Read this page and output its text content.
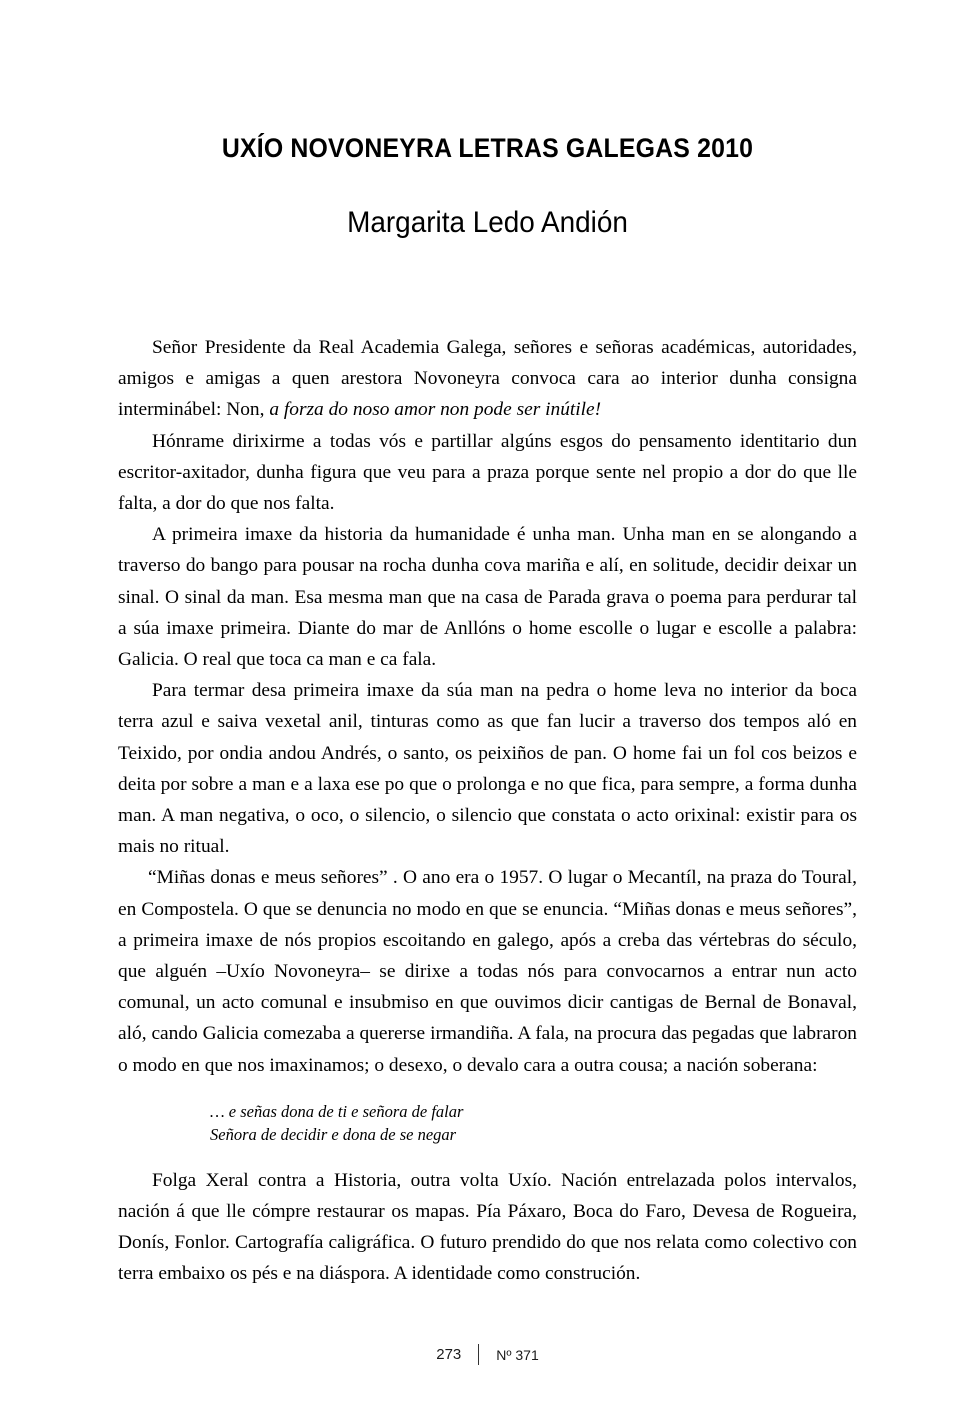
UXÍO NOVONEYRA LETRAS GALEGAS 2010
Margarita Ledo Andión

Señor Presidente da Real Academia Galega, señores e señoras académicas, autoridades, amigos e amigas a quen arestora Novoneyra convoca cara ao interior dunha consigna interminábel: Non, a forza do noso amor non pode ser inútile!

Hónrame dirixirme a todas vós e partillar algúns esgos do pensamento identitario dun escritor-axitador, dunha figura que veu para a praza porque sente nel propio a dor do que lle falta, a dor do que nos falta.

A primeira imaxe da historia da humanidade é unha man. Unha man en se alongando a traverso do bango para pousar na rocha dunha cova mariña e alí, en solitude, decidir deixar un sinal. O sinal da man. Esa mesma man que na casa de Parada grava o poema para perdurar tal a súa imaxe primeira. Diante do mar de Anllóns o home escolle o lugar e escolle a palabra: Galicia. O real que toca ca man e ca fala.

Para termar desa primeira imaxe da súa man na pedra o home leva no interior da boca terra azul e saiva vexetal anil, tinturas como as que fan lucir a traverso dos tempos aló en Teixido, por ondia andou Andrés, o santo, os peixiños de pan. O home fai un fol cos beizos e deita por sobre a man e a laxa ese po que o prolonga e no que fica, para sempre, a forma dunha man. A man negativa, o oco, o silencio, o silencio que constata o acto orixinal: existir para os mais no ritual.

“Miñas donas e meus señores” . O ano era o 1957. O lugar o Mecantíl, na praza do Toural, en Compostela. O que se denuncia no modo en que se enuncia. “Miñas donas e meus señores”, a primeira imaxe de nós propios escoitando en galego, após a creba das vértebras do século, que alguén –Uxío Novoneyra– se dirixe a todas nós para convocarnos a entrar nun acto comunal, un acto comunal e insubmiso en que ouvimos dicir cantigas de Bernal de Bonaval, aló, cando Galicia comezaba a quererse irmandiña. A fala, na procura das pegadas que labraron o modo en que nos imaxinamos; o desexo, o devalo cara a outra cousa; a nación soberana:

… e señas dona de ti e señora de falar
Señora de decidir e dona de se negar

Folga Xeral contra a Historia, outra volta Uxío. Nación entrelazada polos intervalos, nación á que lle cómpre restaurar os mapas. Pía Páxaro, Boca do Faro, Devesa de Rogueira, Donís, Fonlor. Cartografía caligráfica. O futuro prendido do que nos relata como colectivo con terra embaixo os pés e na diáspora. A identidade como construción.

273	Nº 371
